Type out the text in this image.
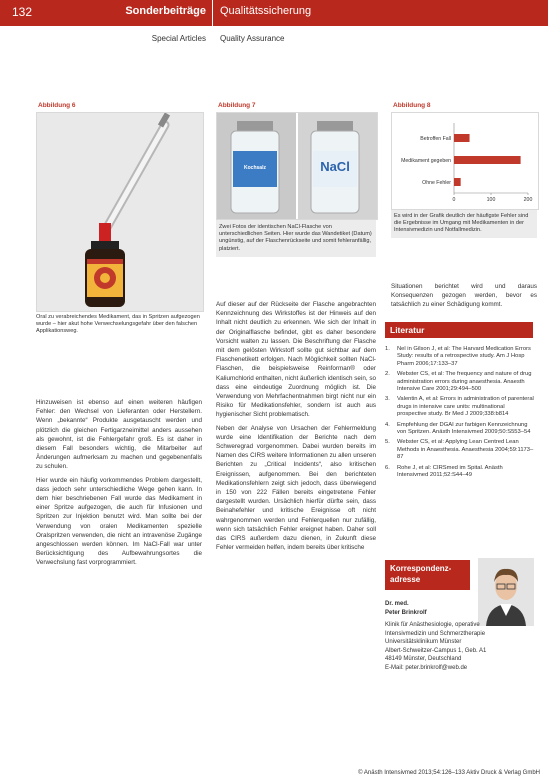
132	Sonderbeiträge Qualitätssicherung
Special Articles Quality Assurance
Abbildung 6
Oral zu verabreichendes Medikament, das in Spritzen aufgezogen wurde – hier akut hohe Verwechselungsgefahr über den falschen Applikationsweg.
Abbildung 7
Kochsalz	NaCl
Zwei Fotos der identischen NaCl-Flasche von unterschiedlichen Seiten. Hier wurde das Wandetiket (Datum) ungünstig, auf der Flaschenrückseite und somit fehleranfällig, platziert.
Abbildung 8
Betroffen Fall
Medikament gegeben
Ohne Fehler
0	100	200
Es wird in der Grafik deutlich der häufigste Fehler sind die Ergebnisse im Umgang mit Medikamenten in der Intensivmedizin und Notfallmedizin.

Hinzuweisen ist ebenso auf einen weiteren häufigen Fehler: den Wechsel von Lieferanten oder Herstellern. Wenn „bekannte“ Produkte ausgetauscht werden und plötzlich die gleichen Fertigarzneimittel anders aussehen als gewohnt, ist die Fehlergefahr groß. Es ist daher in diesem Fall besonders wichtig, die Mitarbeiter auf Änderungen aufmerksam zu machen und gegebenenfalls zu schulen.

Hier wurde ein häufig vorkommendes Problem dargestellt, dass jedoch sehr unterschiedliche Wege gehen kann. In dem hier beschriebenen Fall wurde das Medikament in einer Spritze aufgezogen, die auch für Infusionen und Spritzen zur Injektion benutzt wird. Man sollte bei der Verwendung von oralen Medikamenten spezielle Oralspritzen verwenden, die nicht an intravenöse Zugänge angeschlossen werden können. Im NaCl-Fall war unter Berücksichtigung des Aufbewahrungsortes die Verwechslung fast vorprogrammiert.

Auf dieser auf der Rückseite der Flasche angebrachten Kennzeichnung des Wirkstoffes ist der Hinweis auf den Inhalt nicht deutlich zu erkennen. Wie sich der Inhalt in der Originalflasche befindet, gibt es daher besondere Vorsicht walten zu lassen. Die Beschriftung der Flasche mit dem gelösten Wirkstoff sollte gut sichtbar auf dem Flaschenetikett erfolgen. Nach Möglichkeit sollten NaCl-Flaschen, die beispielsweise Reinforman® oder Kaliumchlorid enthalten, nicht äußerlich identisch sein, so dass eine eindeutige Zuordnung möglich ist. Die Verwendung von Mehrfachentnahmen birgt nicht nur ein Risiko für Medikationsfehler, sondern ist auch aus hygienischer Sicht problematisch.

Neben der Analyse von Ursachen der Fehlermeldung wurde eine Identifikation der Berichte nach dem Schweregrad vorgenommen. Dabei wurden bereits im Namen des CIRS weitere Informationen zu allen unseren Berichten zu „Critical Incidents“, also kritischen Ereignissen, aufgenommen. Bei den berichteten Medikationsfehlern zeigt sich jedoch, dass überwiegend in 150 von 222 Fällen bereits eingetretene Fehler dargestellt wurden. Ursächlich hierfür dürfte sein, dass Beinahefehler und kritische Ereignisse oft nicht wahrgenommen werden und Fehlerquellen nur zufällig, wenn sich tatsächlich Fehler ereignet haben. Daher soll das CIRS außerdem dazu dienen, in Zukunft diese Fehler vermeiden helfen, indem bereits über kritische

Situationen berichtet wird und daraus Konsequenzen gezogen werden, bevor es tatsächlich zu einer Schädigung kommt.

Literatur
1.	Nel in Gilson J, et al: The Harvard Medication Errors Study: results of a retrospective study. Am J Hosp Pharm 2006;17:133–37
2.	Webster CS, et al: The frequency and nature of drug administration errors during anaesthesia. Anaesth Intensive Care 2001;29:494–500
3.	Valentin A, et al: Errors in administration of parenteral drugs in intensive care units: multinational prospective study. Br Med J 2009;338:b814
4.	Empfehlung der DGAI zur farbigen Kennzeichnung von Spritzen. Anästh Intensivmed 2009;50:S553–54
5.	Webster CS, et al: Applying Lean Centred Lean Methods in Anaesthesia. Anaesthesia 2004;59:1173–87
6.	Rohe J, et al: CIRSmed im Spital. Anästh Intensivmed 2011;52:S44–49
Korrespondenz-
adresse
Dr. med.
Peter Brinkrolf
Klinik für Anästhesiologie, operative
Intensivmedizin und Schmerztherapie
Universitätsklinikum Münster
Albert-Schweitzer-Campus 1, Geb. A1
48149 Münster, Deutschland
E-Mail: peter.brinkrolf@web.de
© Anästh Intensivmed 2013;54:126–133 Aktiv Druck & Verlag GmbH
